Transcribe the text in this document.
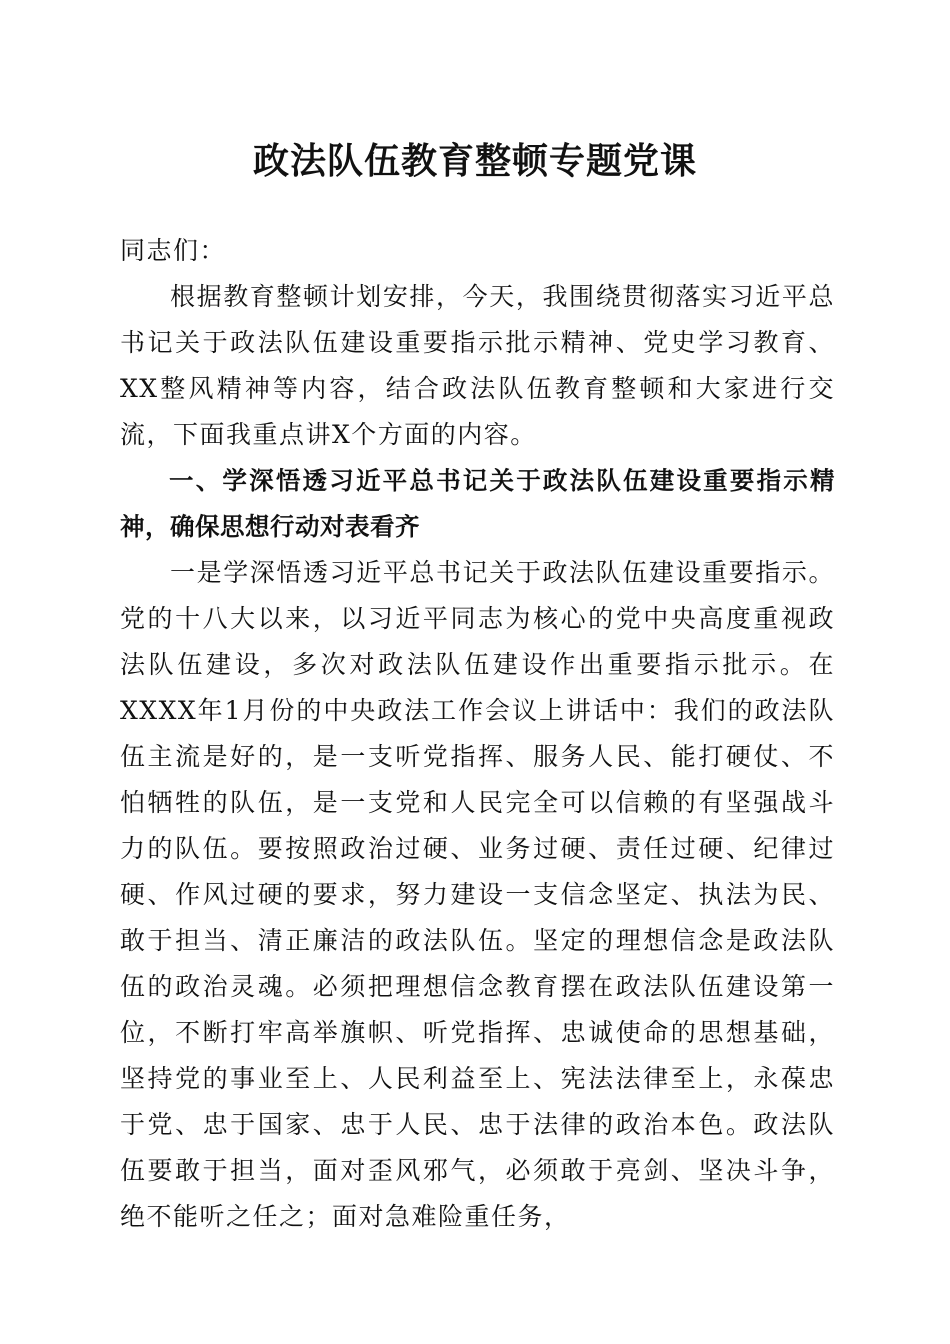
政法队伍教育整顿专题党课

同志们：

根据教育整顿计划安排，今天，我围绕贯彻落实习近平总书记关于政法队伍建设重要指示批示精神、党史学习教育、XX整风精神等内容，结合政法队伍教育整顿和大家进行交流，下面我重点讲X个方面的内容。

一、学深悟透习近平总书记关于政法队伍建设重要指示精神，确保思想行动对表看齐

一是学深悟透习近平总书记关于政法队伍建设重要指示。党的十八大以来，以习近平同志为核心的党中央高度重视政法队伍建设，多次对政法队伍建设作出重要指示批示。在XXXX年1月份的中央政法工作会议上讲话中：我们的政法队伍主流是好的，是一支听党指挥、服务人民、能打硬仗、不怕牺牲的队伍，是一支党和人民完全可以信赖的有坚强战斗力的队伍。要按照政治过硬、业务过硬、责任过硬、纪律过硬、作风过硬的要求，努力建设一支信念坚定、执法为民、敢于担当、清正廉洁的政法队伍。坚定的理想信念是政法队伍的政治灵魂。必须把理想信念教育摆在政法队伍建设第一位，不断打牢高举旗帜、听党指挥、忠诚使命的思想基础，坚持党的事业至上、人民利益至上、宪法法律至上，永葆忠于党、忠于国家、忠于人民、忠于法律的政治本色。政法队伍要敢于担当，面对歪风邪气，必须敢于亮剑、坚决斗争，绝不能听之任之；面对急难险重任务，
